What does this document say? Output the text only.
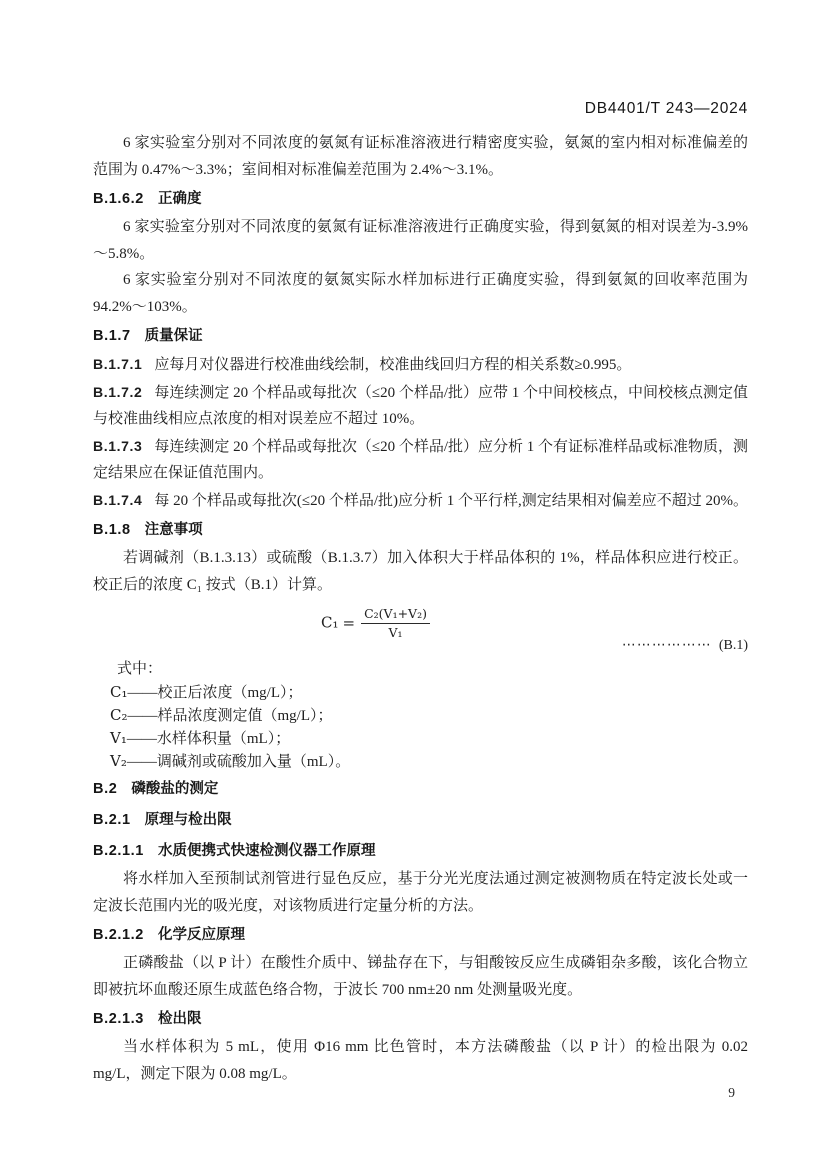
DB4401/T 243—2024

6 家实验室分别对不同浓度的氨氮有证标准溶液进行精密度实验，氨氮的室内相对标准偏差的范围为 0.47%～3.3%；室间相对标准偏差范围为 2.4%～3.1%。

B.1.6.2 正确度

6 家实验室分别对不同浓度的氨氮有证标准溶液进行正确度实验，得到氨氮的相对误差为-3.9%～5.8%。

6 家实验室分别对不同浓度的氨氮实际水样加标进行正确度实验，得到氨氮的回收率范围为 94.2%～103%。

B.1.7 质量保证

B.1.7.1 应每月对仪器进行校准曲线绘制，校准曲线回归方程的相关系数≥0.995。

B.1.7.2 每连续测定 20 个样品或每批次（≤20 个样品/批）应带 1 个中间校核点，中间校核点测定值与校准曲线相应点浓度的相对误差应不超过 10%。

B.1.7.3 每连续测定 20 个样品或每批次（≤20 个样品/批）应分析 1 个有证标准样品或标准物质，测定结果应在保证值范围内。

B.1.7.4 每 20 个样品或每批次(≤20 个样品/批)应分析 1 个平行样,测定结果相对偏差应不超过 20%。

B.1.8 注意事项

若调碱剂（B.1.3.13）或硫酸（B.1.3.7）加入体积大于样品体积的 1%，样品体积应进行校正。校正后的浓度 C₁ 按式（B.1）计算。

$C_1 = \frac{\text{C₂(V₁+V₂)}}{\text{V₁}}$
⋯⋯⋯⋯⋯⋯ (B.1)

式中：

C₁——校正后浓度（mg/L）；

C₂——样品浓度测定值（mg/L）；

V₁——水样体积量（mL）；

V₂——调碱剂或硫酸加入量（mL）。

B.2 磷酸盐的测定
B.2.1 原理与检出限
B.2.1.1 水质便携式快速检测仪器工作原理

将水样加入至预制试剂管进行显色反应，基于分光光度法通过测定被测物质在特定波长处或一定波长范围内光的吸光度，对该物质进行定量分析的方法。

B.2.1.2 化学反应原理

正磷酸盐（以 P 计）在酸性介质中、锑盐存在下，与钼酸铵反应生成磷钼杂多酸，该化合物立即被抗坏血酸还原生成蓝色络合物，于波长 700 nm±20 nm 处测量吸光度。

B.2.1.3 检出限

当水样体积为 5 mL，使用 Φ16 mm 比色管时，本方法磷酸盐（以 P 计）的检出限为 0.02 mg/L，测定下限为 0.08 mg/L。

9
